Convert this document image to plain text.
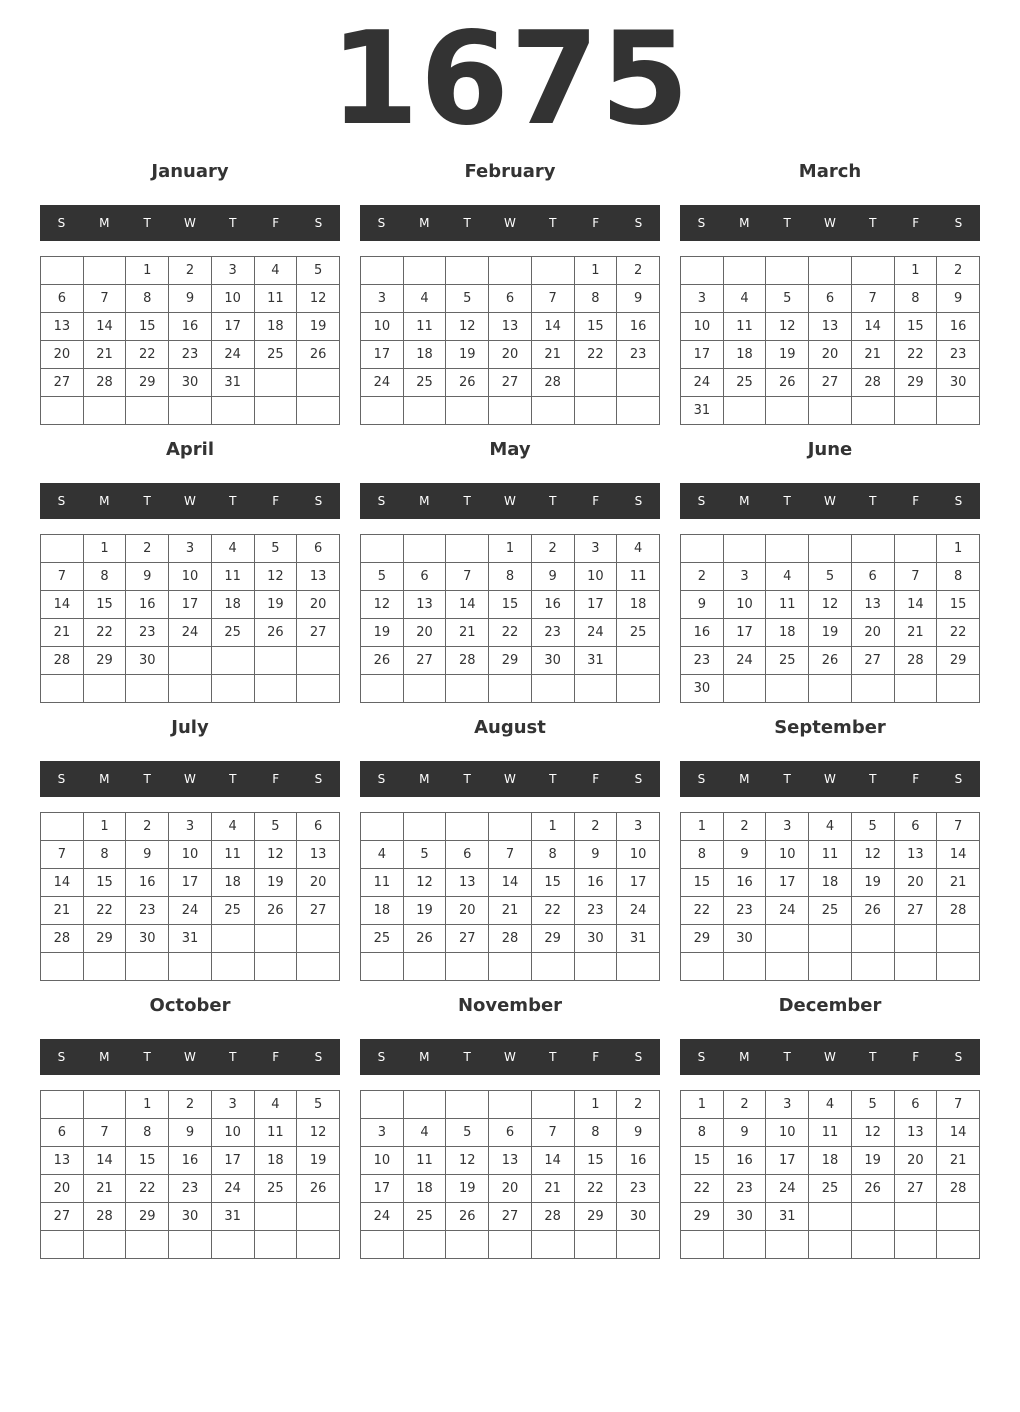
1675
January
S	M	T	W	T	F	S
		1	2	3	4	5
6	7	8	9	10	11	12
13	14	15	16	17	18	19
20	21	22	23	24	25	26
27	28	29	30	31		

February
S	M	T	W	T	F	S
					1	2
3	4	5	6	7	8	9
10	11	12	13	14	15	16
17	18	19	20	21	22	23
24	25	26	27	28		

March
S	M	T	W	T	F	S
					1	2
3	4	5	6	7	8	9
10	11	12	13	14	15	16
17	18	19	20	21	22	23
24	25	26	27	28	29	30
31						
April
S	M	T	W	T	F	S
	1	2	3	4	5	6
7	8	9	10	11	12	13
14	15	16	17	18	19	20
21	22	23	24	25	26	27
28	29	30				

May
S	M	T	W	T	F	S
			1	2	3	4
5	6	7	8	9	10	11
12	13	14	15	16	17	18
19	20	21	22	23	24	25
26	27	28	29	30	31	

June
S	M	T	W	T	F	S
						1
2	3	4	5	6	7	8
9	10	11	12	13	14	15
16	17	18	19	20	21	22
23	24	25	26	27	28	29
30						
July
S	M	T	W	T	F	S
	1	2	3	4	5	6
7	8	9	10	11	12	13
14	15	16	17	18	19	20
21	22	23	24	25	26	27
28	29	30	31			

August
S	M	T	W	T	F	S
				1	2	3
4	5	6	7	8	9	10
11	12	13	14	15	16	17
18	19	20	21	22	23	24
25	26	27	28	29	30	31

September
S	M	T	W	T	F	S
1	2	3	4	5	6	7
8	9	10	11	12	13	14
15	16	17	18	19	20	21
22	23	24	25	26	27	28
29	30					

October
S	M	T	W	T	F	S
		1	2	3	4	5
6	7	8	9	10	11	12
13	14	15	16	17	18	19
20	21	22	23	24	25	26
27	28	29	30	31		

November
S	M	T	W	T	F	S
					1	2
3	4	5	6	7	8	9
10	11	12	13	14	15	16
17	18	19	20	21	22	23
24	25	26	27	28	29	30

December
S	M	T	W	T	F	S
1	2	3	4	5	6	7
8	9	10	11	12	13	14
15	16	17	18	19	20	21
22	23	24	25	26	27	28
29	30	31				
